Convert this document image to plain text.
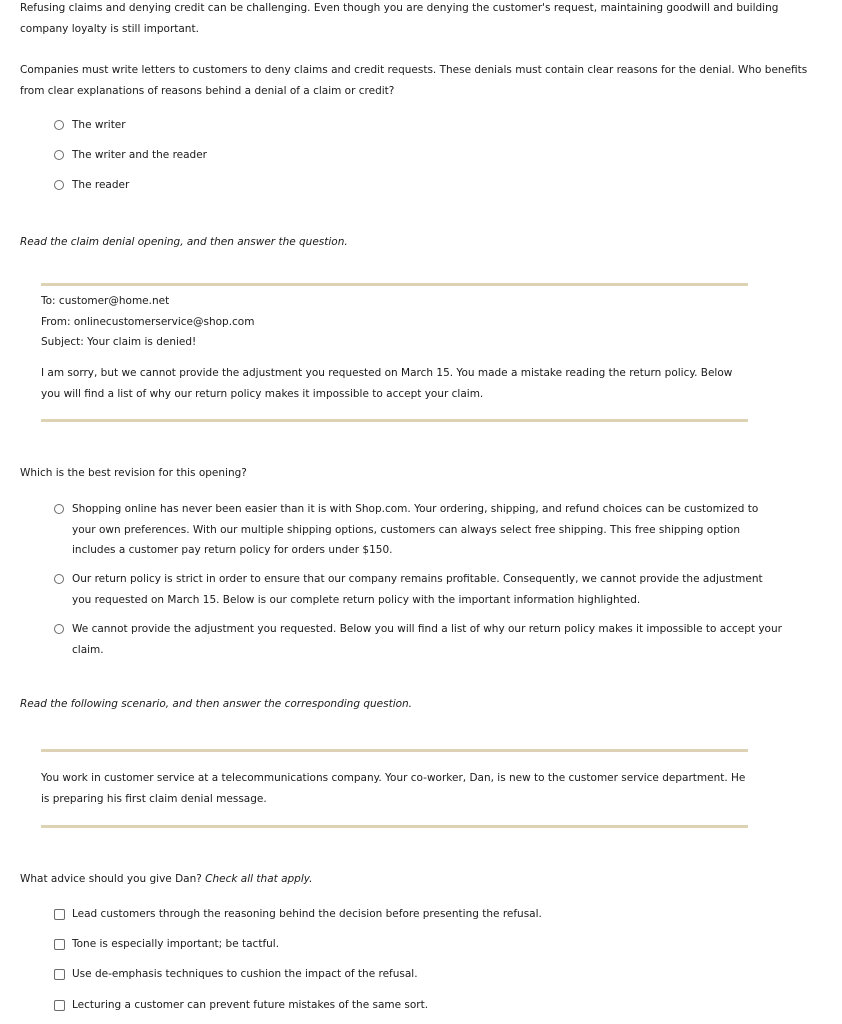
Refusing claims and denying credit can be challenging. Even though you are denying the customer's request, maintaining goodwill and building company loyalty is still important.

Companies must write letters to customers to deny claims and credit requests. These denials must contain clear reasons for the denial. Who benefits from clear explanations of reasons behind a denial of a claim or credit?

The writer
The writer and the reader
The reader

Read the claim denial opening, and then answer the question.

To: customer@home.net
From: onlinecustomerservice@shop.com
Subject: Your claim is denied!
I am sorry, but we cannot provide the adjustment you requested on March 15. You made a mistake reading the return policy. Below you will find a list of why our return policy makes it impossible to accept your claim.

Which is the best revision for this opening?

Shopping online has never been easier than it is with Shop.com. Your ordering, shipping, and refund choices can be customized to your own preferences. With our multiple shipping options, customers can always select free shipping. This free shipping option includes a customer pay return policy for orders under $150.
Our return policy is strict in order to ensure that our company remains profitable. Consequently, we cannot provide the adjustment you requested on March 15. Below is our complete return policy with the important information highlighted.
We cannot provide the adjustment you requested. Below you will find a list of why our return policy makes it impossible to accept your claim.

Read the following scenario, and then answer the corresponding question.

You work in customer service at a telecommunications company. Your co-worker, Dan, is new to the customer service department. He is preparing his first claim denial message.

What advice should you give Dan? Check all that apply.

Lead customers through the reasoning behind the decision before presenting the refusal.
Tone is especially important; be tactful.
Use de-emphasis techniques to cushion the impact of the refusal.
Lecturing a customer can prevent future mistakes of the same sort.
